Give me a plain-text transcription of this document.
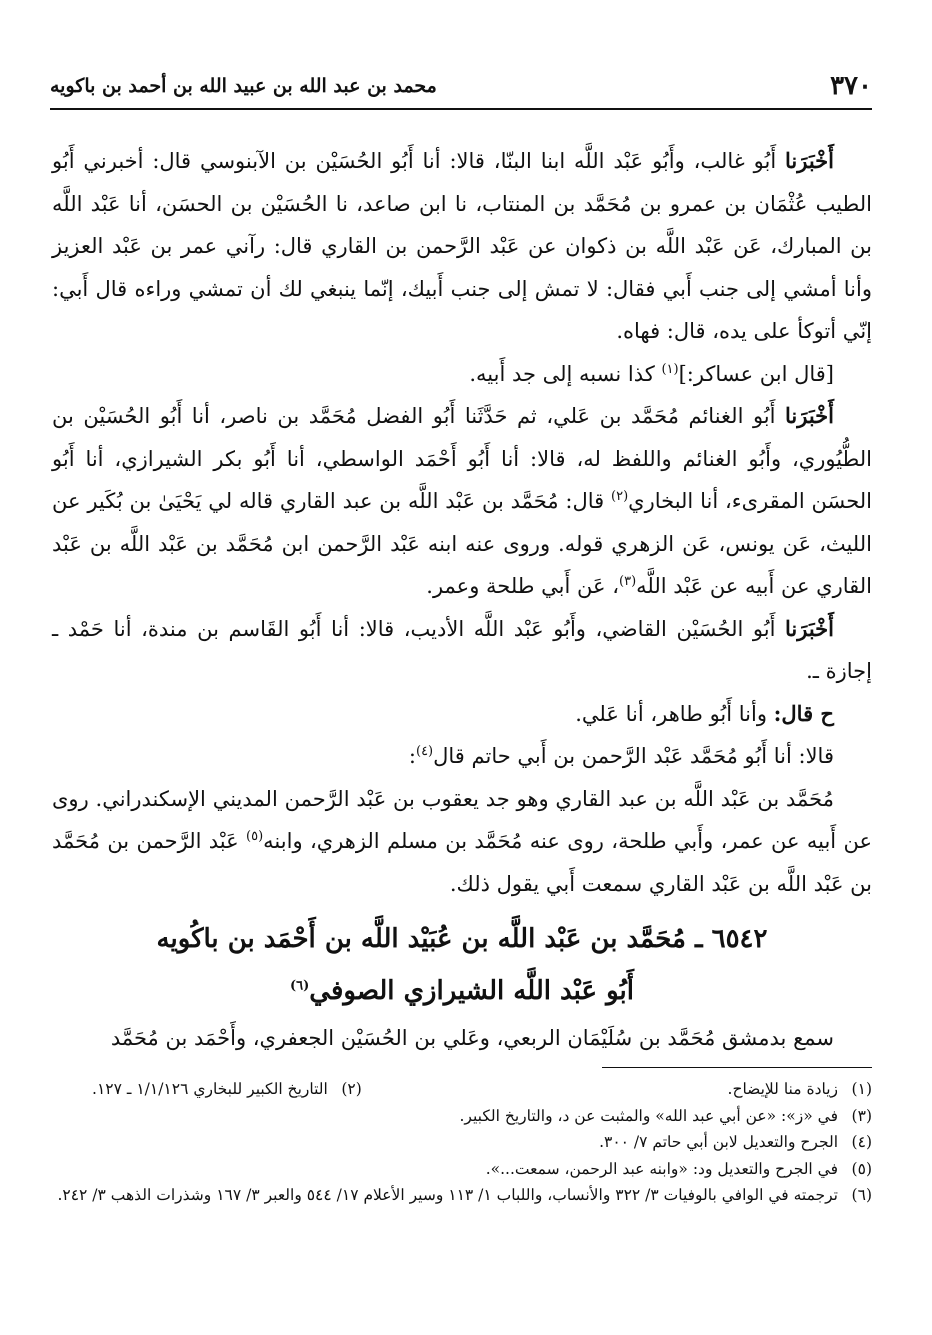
٣٧٠
محمد بن عبد الله بن عبيد الله بن أحمد بن باكويه

أَخْبَرَنا أَبُو غالب، وأَبُو عَبْد اللَّه ابنا البنّا، قالا: أنا أَبُو الحُسَيْن بن الآبنوسي قال: أخبرني أَبُو الطيب عُثْمَان بن عمرو بن مُحَمَّد بن المنتاب، نا ابن صاعد، نا الحُسَيْن بن الحسَن، أنا عَبْد اللَّه بن المبارك، عَن عَبْد اللَّه بن ذكوان عن عَبْد الرَّحمن بن القاري قال: رآني عمر بن عَبْد العزيز وأنا أمشي إلى جنب أَبي فقال: لا تمش إلى جنب أَبيك، إنّما ينبغي لك أن تمشي وراءه قال أَبي: إنّي أتوكأ على يده، قال: فهاه.

[قال ابن عساكر:]$^{(١)}$ كذا نسبه إلى جد أَبيه.

أَخْبَرَنا أَبُو الغنائم مُحَمَّد بن عَلي، ثم حَدَّثَنا أَبُو الفضل مُحَمَّد بن ناصر، أنا أَبُو الحُسَيْن بن الطُّيُوري، وأَبُو الغنائم واللفظ له، قالا: أنا أَبُو أَحْمَد الواسطي، أنا أَبُو بكر الشيرازي، أنا أَبُو الحسَن المقرىء، أنا البخاري$^{(٢)}$ قال: مُحَمَّد بن عَبْد اللَّه بن عبد القاري قاله لي يَحْيَىٰ بن بُكَير عن الليث، عَن يونس، عَن الزهري قوله. وروى عنه ابنه عَبْد الرَّحمن ابن مُحَمَّد بن عَبْد اللَّه بن عَبْد القاري عن أَبيه عن عَبْد اللَّه$^{(٣)}$، عَن أَبي طلحة وعمر.

أَخْبَرَنا أَبُو الحُسَيْن القاضي، وأَبُو عَبْد اللَّه الأديب، قالا: أنا أَبُو القَاسم بن مندة، أنا حَمْد ـ إجازة ـ.

ح قال: وأنا أَبُو طاهر، أنا عَلي.

قالا: أنا أَبُو مُحَمَّد عَبْد الرَّحمن بن أَبي حاتم قال$^{(٤)}$:

مُحَمَّد بن عَبْد اللَّه بن عبد القاري وهو جد يعقوب بن عَبْد الرَّحمن المديني الإسكندراني. روى عن أَبيه عن عمر، وأَبي طلحة، روى عنه مُحَمَّد بن مسلم الزهري، وابنه$^{(٥)}$ عَبْد الرَّحمن بن مُحَمَّد بن عَبْد اللَّه بن عَبْد القاري سمعت أَبي يقول ذلك.

٦٥٤٢ ـ مُحَمَّد بن عَبْد اللَّه بن عُبَيْد اللَّه بن أَحْمَد بن باكُويه
أَبُو عَبْد اللَّه الشيرازي الصوفي$^{(٦)}$

سمع بدمشق مُحَمَّد بن سُلَيْمَان الربعي، وعَلي بن الحُسَيْن الجعفري، وأَحْمَد بن مُحَمَّد

(١)زيادة منا للإيضاح.
(٢)التاريخ الكبير للبخاري ١/١/١٢٦ ـ ١٢٧.
(٣)في «ز»: «عن أبي عبد الله» والمثبت عن د، والتاريخ الكبير.
(٤)الجرح والتعديل لابن أبي حاتم ٧/ ٣٠٠.
(٥)في الجرح والتعديل ود: «وابنه عبد الرحمن، سمعت...».
(٦)ترجمته في الوافي بالوفيات ٣/ ٣٢٢ والأنساب، واللباب ١/ ١١٣ وسير الأعلام ١٧/ ٥٤٤ والعبر ٣/ ١٦٧ وشذرات الذهب ٣/ ٢٤٢.
